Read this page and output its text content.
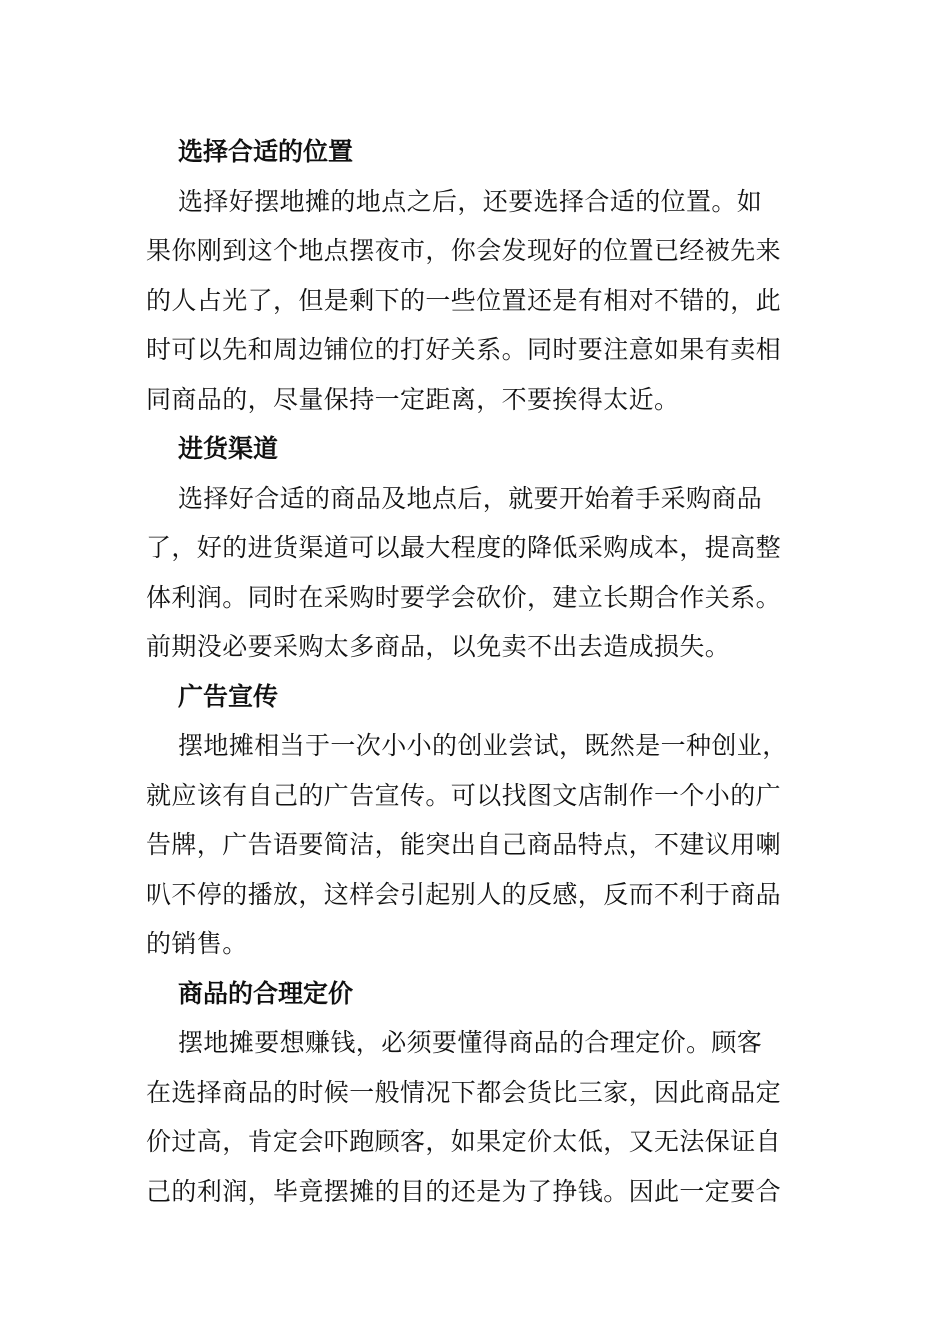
选择合适的位置

选择好摆地摊的地点之后，还要选择合适的位置。如
果你刚到这个地点摆夜市，你会发现好的位置已经被先来
的人占光了，但是剩下的一些位置还是有相对不错的，此
时可以先和周边铺位的打好关系。同时要注意如果有卖相
同商品的，尽量保持一定距离，不要挨得太近。

进货渠道

选择好合适的商品及地点后，就要开始着手采购商品
了，好的进货渠道可以最大程度的降低采购成本，提高整
体利润。同时在采购时要学会砍价，建立长期合作关系。
前期没必要采购太多商品，以免卖不出去造成损失。

广告宣传

摆地摊相当于一次小小的创业尝试，既然是一种创业，
就应该有自己的广告宣传。可以找图文店制作一个小的广
告牌，广告语要简洁，能突出自己商品特点，不建议用喇
叭不停的播放，这样会引起别人的反感，反而不利于商品
的销售。

商品的合理定价

摆地摊要想赚钱，必须要懂得商品的合理定价。顾客
在选择商品的时候一般情况下都会货比三家，因此商品定
价过高，肯定会吓跑顾客，如果定价太低，又无法保证自
己的利润，毕竟摆摊的目的还是为了挣钱。因此一定要合
